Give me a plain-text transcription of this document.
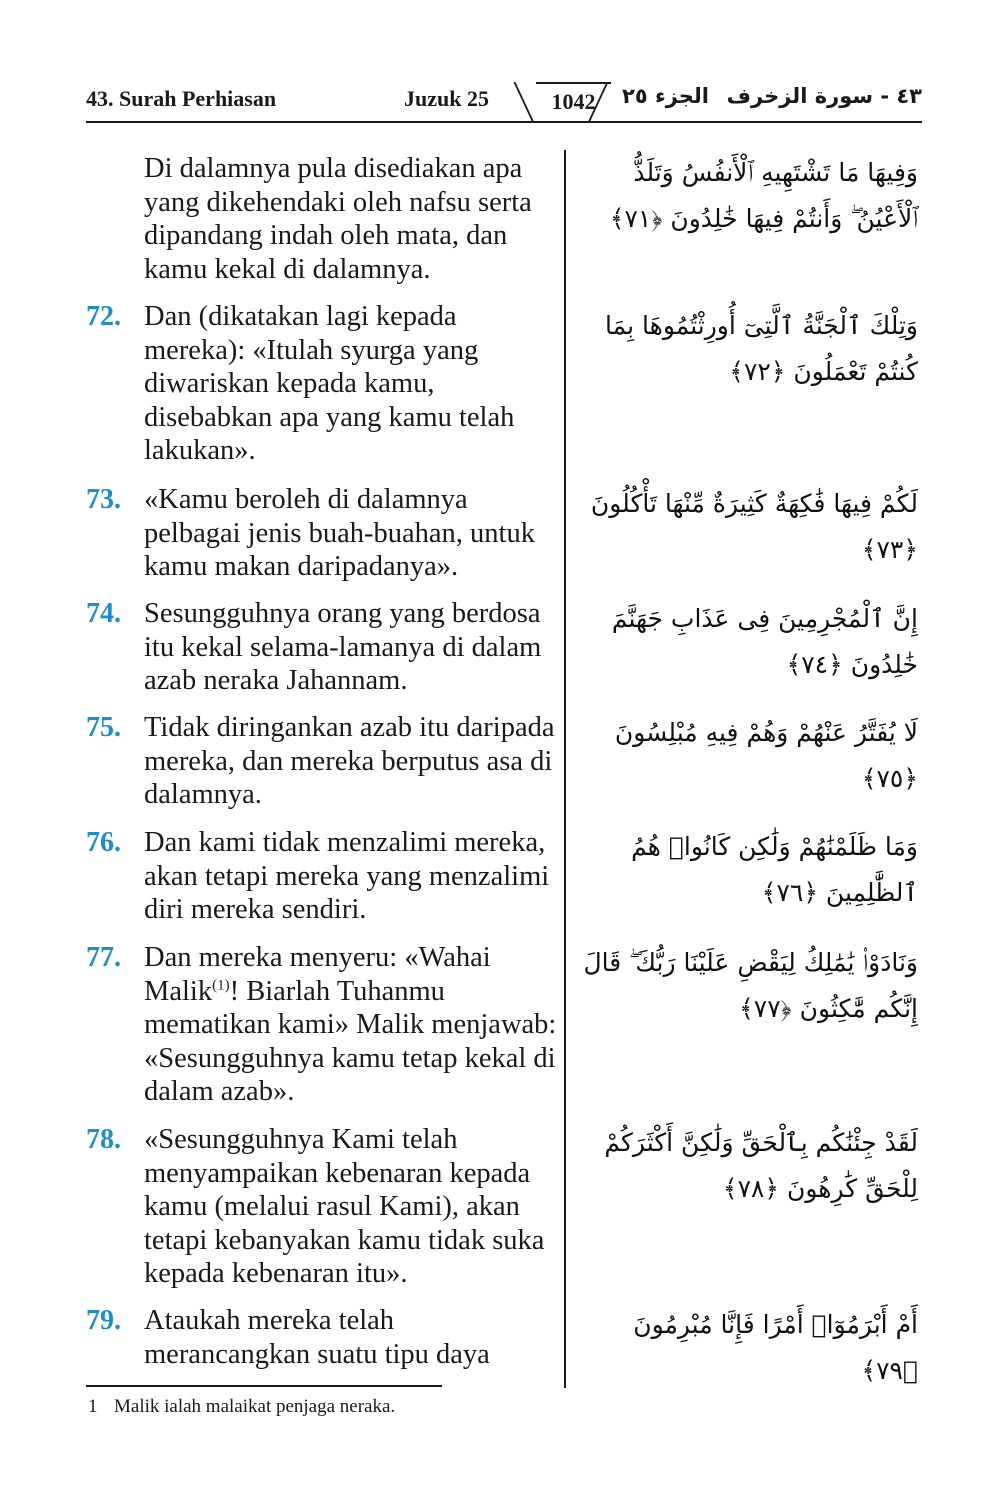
43. Surah Perhiasan	Juzuk 25	1042	الجزء ٢٥ ٤٣ - سورة الزخرف
Di dalamnya pula disediakan apa yang dikehendaki oleh nafsu serta dipandang indah oleh mata, dan kamu kekal di dalamnya.
وَفِيهَا مَا تَشْتَهِيهِ ٱلْأَنفُسُ وَتَلَذُّ ٱلْأَعْيُنُ ۖ وَأَنتُمْ فِيهَا خَٰلِدُونَ ﴿٧١﴾
72. Dan (dikatakan lagi kepada mereka): «Itulah syurga yang diwariskan kepada kamu, disebabkan apa yang kamu telah lakukan».
وَتِلْكَ ٱلْجَنَّةُ ٱلَّتِىٓ أُورِثْتُمُوهَا بِمَا كُنتُمْ تَعْمَلُونَ ﴿٧٢﴾
73. «Kamu beroleh di dalamnya pelbagai jenis buah-buahan, untuk kamu makan daripadanya».
لَكُمْ فِيهَا فَٰكِهَةٌ كَثِيرَةٌ مِّنْهَا تَأْكُلُونَ ﴿٧٣﴾
74. Sesungguhnya orang yang berdosa itu kekal selama-lamanya di dalam azab neraka Jahannam.
إِنَّ ٱلْمُجْرِمِينَ فِى عَذَابِ جَهَنَّمَ خَٰلِدُونَ ﴿٧٤﴾
75. Tidak diringankan azab itu daripada mereka, dan mereka berputus asa di dalamnya.
لَا يُفَتَّرُ عَنْهُمْ وَهُمْ فِيهِ مُبْلِسُونَ ﴿٧٥﴾
76. Dan kami tidak menzalimi mereka, akan tetapi mereka yang menzalimi diri mereka sendiri.
وَمَا ظَلَمْنَٰهُمْ وَلَٰكِن كَانُوا۟ هُمُ ٱلظَّٰلِمِينَ ﴿٧٦﴾
77. Dan mereka menyeru: «Wahai Malik$^{(1)}$! Biarlah Tuhanmu mematikan kami» Malik menjawab: «Sesungguhnya kamu tetap kekal di dalam azab».
وَنَادَوْا۟ يَٰمَٰلِكُ لِيَقْضِ عَلَيْنَا رَبُّكَ ۖ قَالَ إِنَّكُم مَّٰكِثُونَ ﴿٧٧﴾
78. «Sesungguhnya Kami telah menyampaikan kebenaran kepada kamu (melalui rasul Kami), akan tetapi kebanyakan kamu tidak suka kepada kebenaran itu».
لَقَدْ جِئْنَٰكُم بِٱلْحَقِّ وَلَٰكِنَّ أَكْثَرَكُمْ لِلْحَقِّ كَٰرِهُونَ ﴿٧٨﴾
79. Ataukah mereka telah merancangkan suatu tipu daya
أَمْ أَبْرَمُوٓا۟ أَمْرًا فَإِنَّا مُبْرِمُونَ ﴿٧٩﴾
1 Malik ialah malaikat penjaga neraka.
